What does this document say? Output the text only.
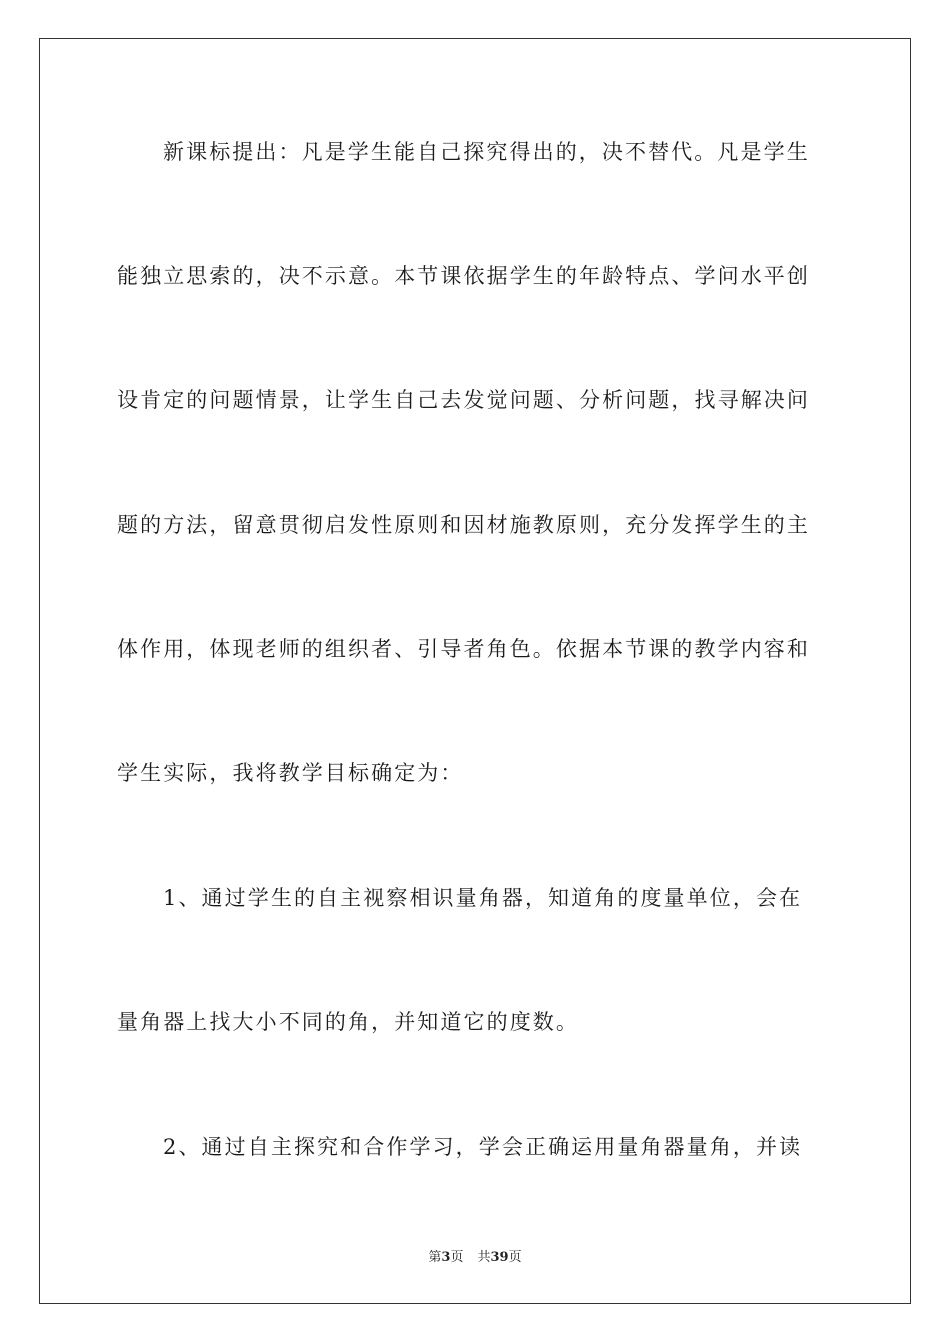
新课标提出：凡是学生能自己探究得出的，决不替代。凡是学生

能独立思索的，决不示意。本节课依据学生的年龄特点、学问水平创

设肯定的问题情景，让学生自己去发觉问题、分析问题，找寻解决问

题的方法，留意贯彻启发性原则和因材施教原则，充分发挥学生的主

体作用，体现老师的组织者、引导者角色。依据本节课的教学内容和

学生实际，我将教学目标确定为：

1、通过学生的自主视察相识量角器，知道角的度量单位，会在

量角器上找大小不同的角，并知道它的度数。

2、通过自主探究和合作学习，学会正确运用量角器量角，并读

第3页 共39页
